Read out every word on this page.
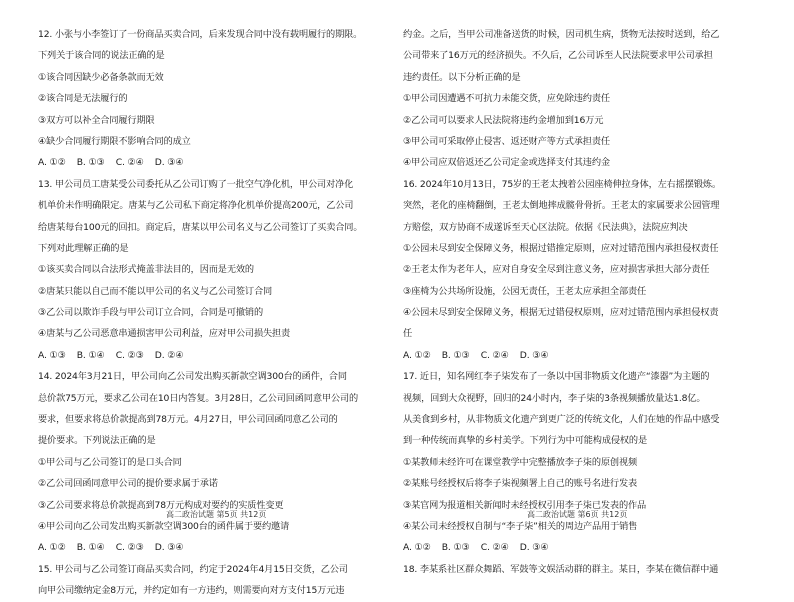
12. 小张与小李签订了一份商品买卖合同，后来发现合同中没有载明履行的期限。
下列关于该合同的说法正确的是
①该合同因缺少必备条款而无效
②该合同是无法履行的
③双方可以补全合同履行期限
④缺少合同履行期限不影响合同的成立
A. ①②    B. ①③    C. ②④    D. ③④
13. 甲公司员工唐某受公司委托从乙公司订购了一批空气净化机，甲公司对净化
机单价未作明确限定。唐某与乙公司私下商定将净化机单价提高200元，乙公司
给唐某每台100元的回扣。商定后，唐某以甲公司名义与乙公司签订了买卖合同。
下列对此理解正确的是
①该买卖合同以合法形式掩盖非法目的，因而是无效的
②唐某只能以自己而不能以甲公司的名义与乙公司签订合同
③乙公司以欺诈手段与甲公司订立合同，合同是可撤销的
④唐某与乙公司恶意串通损害甲公司利益，应对甲公司损失担责
A. ①③    B. ①④    C. ②③    D. ②④
14. 2024年3月21日，甲公司向乙公司发出购买新款空调300台的函件，合同
总价款75万元，要求乙公司在10日内答复。3月28日，乙公司回函同意甲公司的
要求，但要求将总价款提高到78万元。4月27日，甲公司回函同意乙公司的
提价要求。下列说法正确的是
①甲公司与乙公司签订的是口头合同
②乙公司回函同意甲公司的提价要求属于承诺
③乙公司要求将总价款提高到78万元构成对要约的实质性变更
④甲公司向乙公司发出购买新款空调300台的函件属于要约邀请
A. ①②    B. ①④    C. ②③    D. ③④
15. 甲公司与乙公司签订商品买卖合同，约定于2024年4月15日交货，乙公司
向甲公司缴纳定金8万元，并约定如有一方违约，则需要向对方支付15万元违
约金。之后，当甲公司准备送货的时候，因司机生病，货物无法按时送到，给乙
公司带来了16万元的经济损失。不久后，乙公司诉至人民法院要求甲公司承担
违约责任。以下分析正确的是
①甲公司因遭遇不可抗力未能交货，应免除违约责任
②乙公司可以要求人民法院将违约金增加到16万元
③甲公司可采取停止侵害、返还财产等方式承担责任
④甲公司应双倍返还乙公司定金或选择支付其违约金
16. 2024年10月13日，75岁的王老太拽着公园座椅伸拉身体，左右摇摆锻炼。
突然，老化的座椅翻倒，王老太倒地摔成髋骨骨折。王老太的家属要求公园管理
方赔偿，双方协商不成遂诉至天心区法院。依据《民法典》，法院应判决
①公园未尽到安全保障义务，根据过错推定原则，应对过错范围内承担侵权责任
②王老太作为老年人，应对自身安全尽到注意义务，应对损害承担大部分责任
③座椅为公共场所设施，公园无责任，王老太应承担全部责任
④公园未尽到安全保障义务，根据无过错侵权原则，应对过错范围内承担侵权责
任
A. ①②    B. ①③    C. ②④    D. ③④
17. 近日，知名网红李子柒发布了一条以中国非物质文化遗产“漆器”为主题的
视频，回到大众视野，回归的24小时内，李子柒的3条视频播放量达1.8亿。
从美食到乡村，从非物质文化遗产到更广泛的传统文化，人们在她的作品中感受
到一种传统而真挚的乡村美学。下列行为中可能构成侵权的是
①某教师未经许可在课堂教学中完整播放李子柒的原创视频
②某账号经授权后将李子柒视频署上自己的账号名进行发表
③某官网为报道相关新闻时未经授权引用李子柒已发表的作品
④某公司未经授权自制与“李子柒”相关的周边产品用于销售
A. ①②    B. ①③    C. ②④    D. ③④
18. 李某系社区群众舞蹈、军鼓等文娱活动群的群主。某日，李某在微信群中通
高二政治试题 第5页 共12页	高二政治试题 第6页 共12页
